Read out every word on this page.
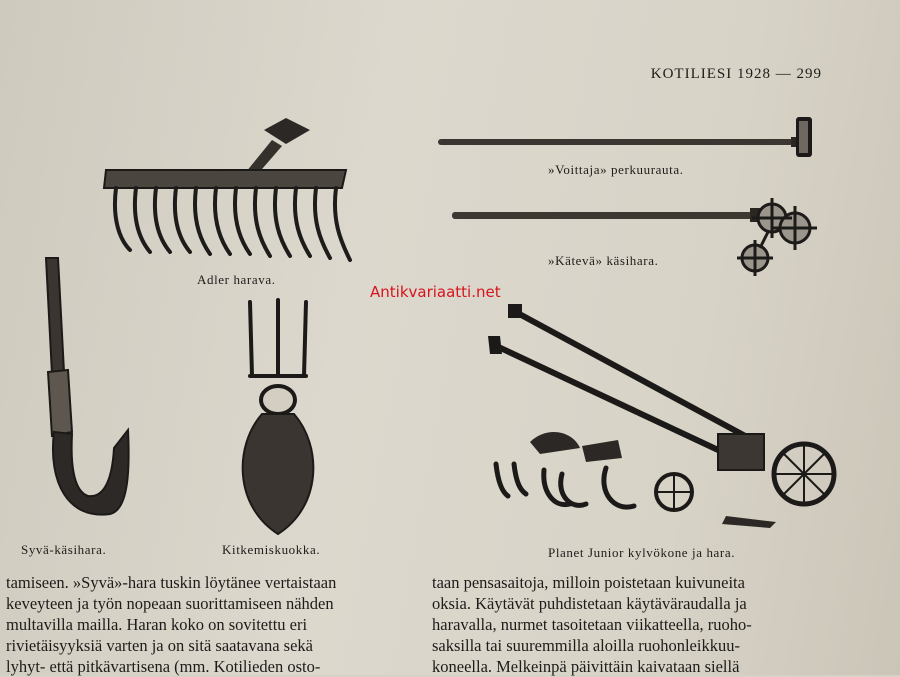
KOTILIESI 1928 — 299
»Voittaja» perkuurauta.
»Kätevä» käsihara.
Adler harava.
Antikvariaatti.net
Syvä-käsihara.	Kitkemiskuokka.	Planet Junior kylvökone ja hara.

tamiseen. »Syvä»-hara tuskin löytänee vertaistaan

keveyteen ja työn nopeaan suorittamiseen nähden

multavilla mailla. Haran koko on sovitettu eri

rivietäisyyksiä varten ja on sitä saatavana sekä

lyhyt- että pitkävartisena (mm. Kotilieden osto-

taan pensasaitoja, milloin poistetaan kuivuneita

oksia. Käytävät puhdistetaan käytäväraudalla ja

haravalla, nurmet tasoitetaan viikatteella, ruoho-

saksilla tai suuremmilla aloilla ruohonleikkuu-

koneella. Melkeinpä päivittäin kaivataan siellä
